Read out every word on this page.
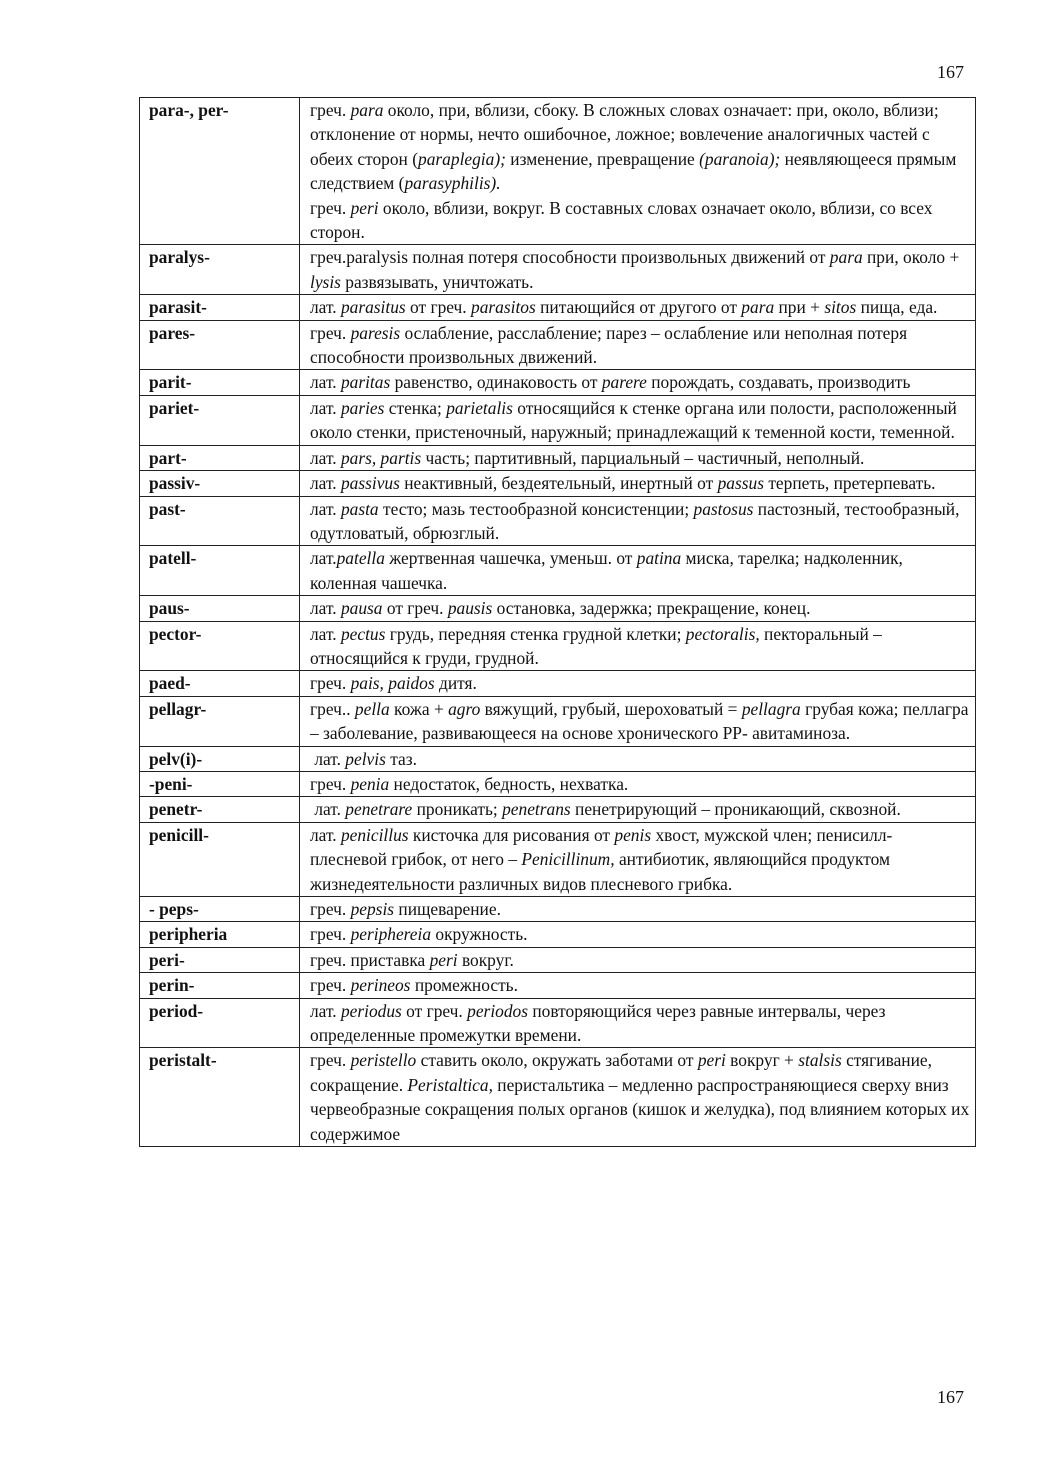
167
para-, per-	греч. para около, при, вблизи, сбоку. В сложных словах означает: при, около, вблизи; отклонение от нормы, нечто ошибочное, ложное; вовлечение аналогичных частей с обеих сторон (paraplegia); изменение, превращение (paranoia); неявляющееся прямым следствием (parasyphilis).
греч. peri около, вблизи, вокруг. В составных словах означает около, вблизи, со всех сторон.
paralys-	греч.paralysis полная потеря способности произвольных движений от para при, около + lysis развязывать, уничтожать.
parasit-	лат. parasitus от греч. parasitos питающийся от другого от para при + sitos пища, еда.
pares-	греч. paresis ослабление, расслабление; парез – ослабление или неполная потеря способности произвольных движений.
parit-	лат. paritas равенство, одинаковость от parere порождать, создавать, производить
pariet-	лат. paries стенка; parietalis относящийся к стенке органа или полости, расположенный около стенки, пристеночный, наружный; принадлежащий к теменной кости, теменной.
part-	лат. pars, partis часть; партитивный, парциальный – частичный, неполный.
passiv-	лат. passivus неактивный, бездеятельный, инертный от passus терпеть, претерпевать.
past-	лат. pasta тесто; мазь тестообразной консистенции; pastosus пастозный, тестообразный, одутловатый, обрюзглый.
patell-	лат.patella жертвенная чашечка, уменьш. от patina миска, тарелка; надколенник, коленная чашечка.
paus-	лат. pausa от греч. pausis остановка, задержка; прекращение, конец.
pector-	лат. pectus грудь, передняя стенка грудной клетки; pectoralis, пекторальный – относящийся к груди, грудной.
paed-	греч. pais, paidos дитя.
pellagr-	греч.. pella кожа + agro вяжущий, грубый, шероховатый = pellagra грубая кожа; пеллагра – заболевание, развивающееся на основе хронического РР- авитаминоза.
pelv(i)-	лат. pelvis таз.
-peni-	греч. penia недостаток, бедность, нехватка.
penetr-	лат. penetrare проникать; penetrans пенетрирующий – проникающий, сквозной.
penicill-	лат. penicillus кисточка для рисования от penis хвост, мужской член; пенисилл- плесневой грибок, от него – Penicillinum, антибиотик, являющийся продуктом жизнедеятельности различных видов плесневого грибка.
- peps-	греч. pepsis пищеварение.
peripheria	греч. periphereia окружность.
peri-	греч. приставка peri вокруг.
perin-	греч. perineos промежность.
period-	лат. periodus от греч. periodos повторяющийся через равные интервалы, через определенные промежутки времени.
peristalt-	греч. peristello ставить около, окружать заботами от peri вокруг + stalsis стягивание, сокращение. Peristaltica, перистальтика – медленно распространяющиеся сверху вниз червеобразные сокращения полых органов (кишок и желудка), под влиянием которых их содержимое
167
